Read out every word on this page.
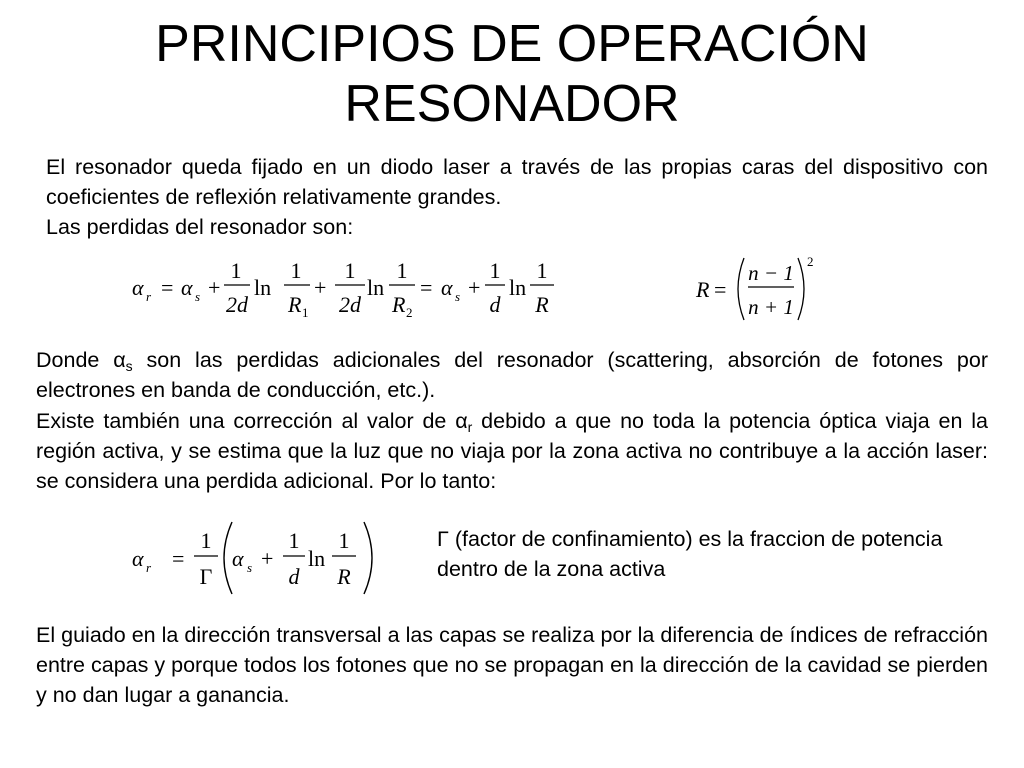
PRINCIPIOS DE OPERACIÓN
RESONADOR

El resonador queda fijado en un diodo laser a través de las propias caras del dispositivo con coeficientes de reflexión relativamente grandes.

Las perdidas del resonador son:

α r = α s +
1
2d
ln
1
R 1
+
1
2d
ln
1
R 2
= α s +
1
d
ln
1
R
R =
n − 1
n + 1
2

Donde $\alpha_s$ son las perdidas adicionales del resonador (scattering, absorción de fotones por electrones en banda de conducción, etc.).

Existe también una corrección al valor de $\alpha_r$ debido a que no toda la potencia óptica viaja en la región activa, y se estima que la luz que no viaja por la zona activa no contribuye a la acción laser: se considera una perdida adicional. Por lo tanto:

α r =
1
Γ
α s +
1
d
ln
1
R

Γ (factor de confinamiento) es la fraccion de potencia dentro de la zona activa

El guiado en la dirección transversal a las capas se realiza por la diferencia de índices de refracción entre capas y porque todos los fotones que no se propagan en la dirección de la cavidad se pierden y no dan lugar a ganancia.
